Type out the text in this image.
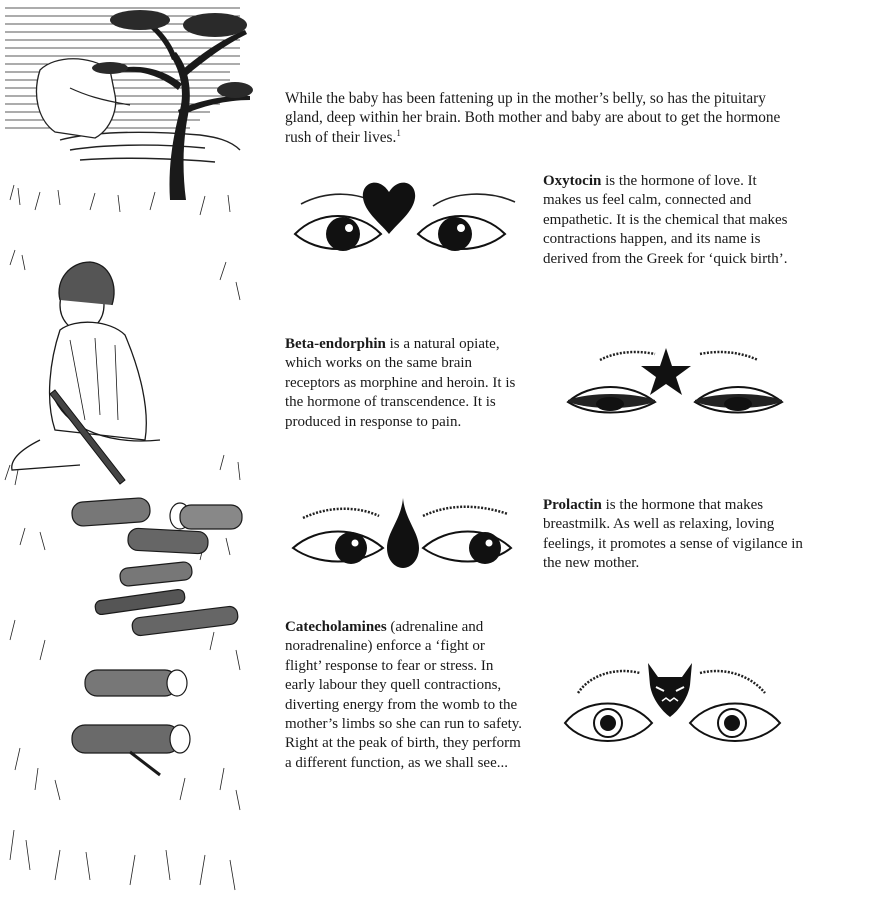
While the baby has been fattening up in the mother’s belly, so has the pituitary gland, deep within her brain. Both mother and baby are about to get the hormone rush of their lives.$^1$

Oxytocin is the hormone of love. It makes us feel calm, connected and empathetic. It is the chemical that makes contractions happen, and its name is derived from the Greek for ‘quick birth’.

Beta-endorphin is a natural opiate, which works on the same brain receptors as morphine and heroin. It is the hormone of transcendence. It is produced in response to pain.

Prolactin is the hormone that makes breastmilk. As well as relaxing, loving feelings, it promotes a sense of vigilance in the new mother.

Catecholamines (adrenaline and noradrenaline) enforce a ‘fight or flight’ response to fear or stress. In early labour they quell contractions, diverting energy from the womb to the mother’s limbs so she can run to safety. Right at the peak of birth, they perform a different function, as we shall see...
